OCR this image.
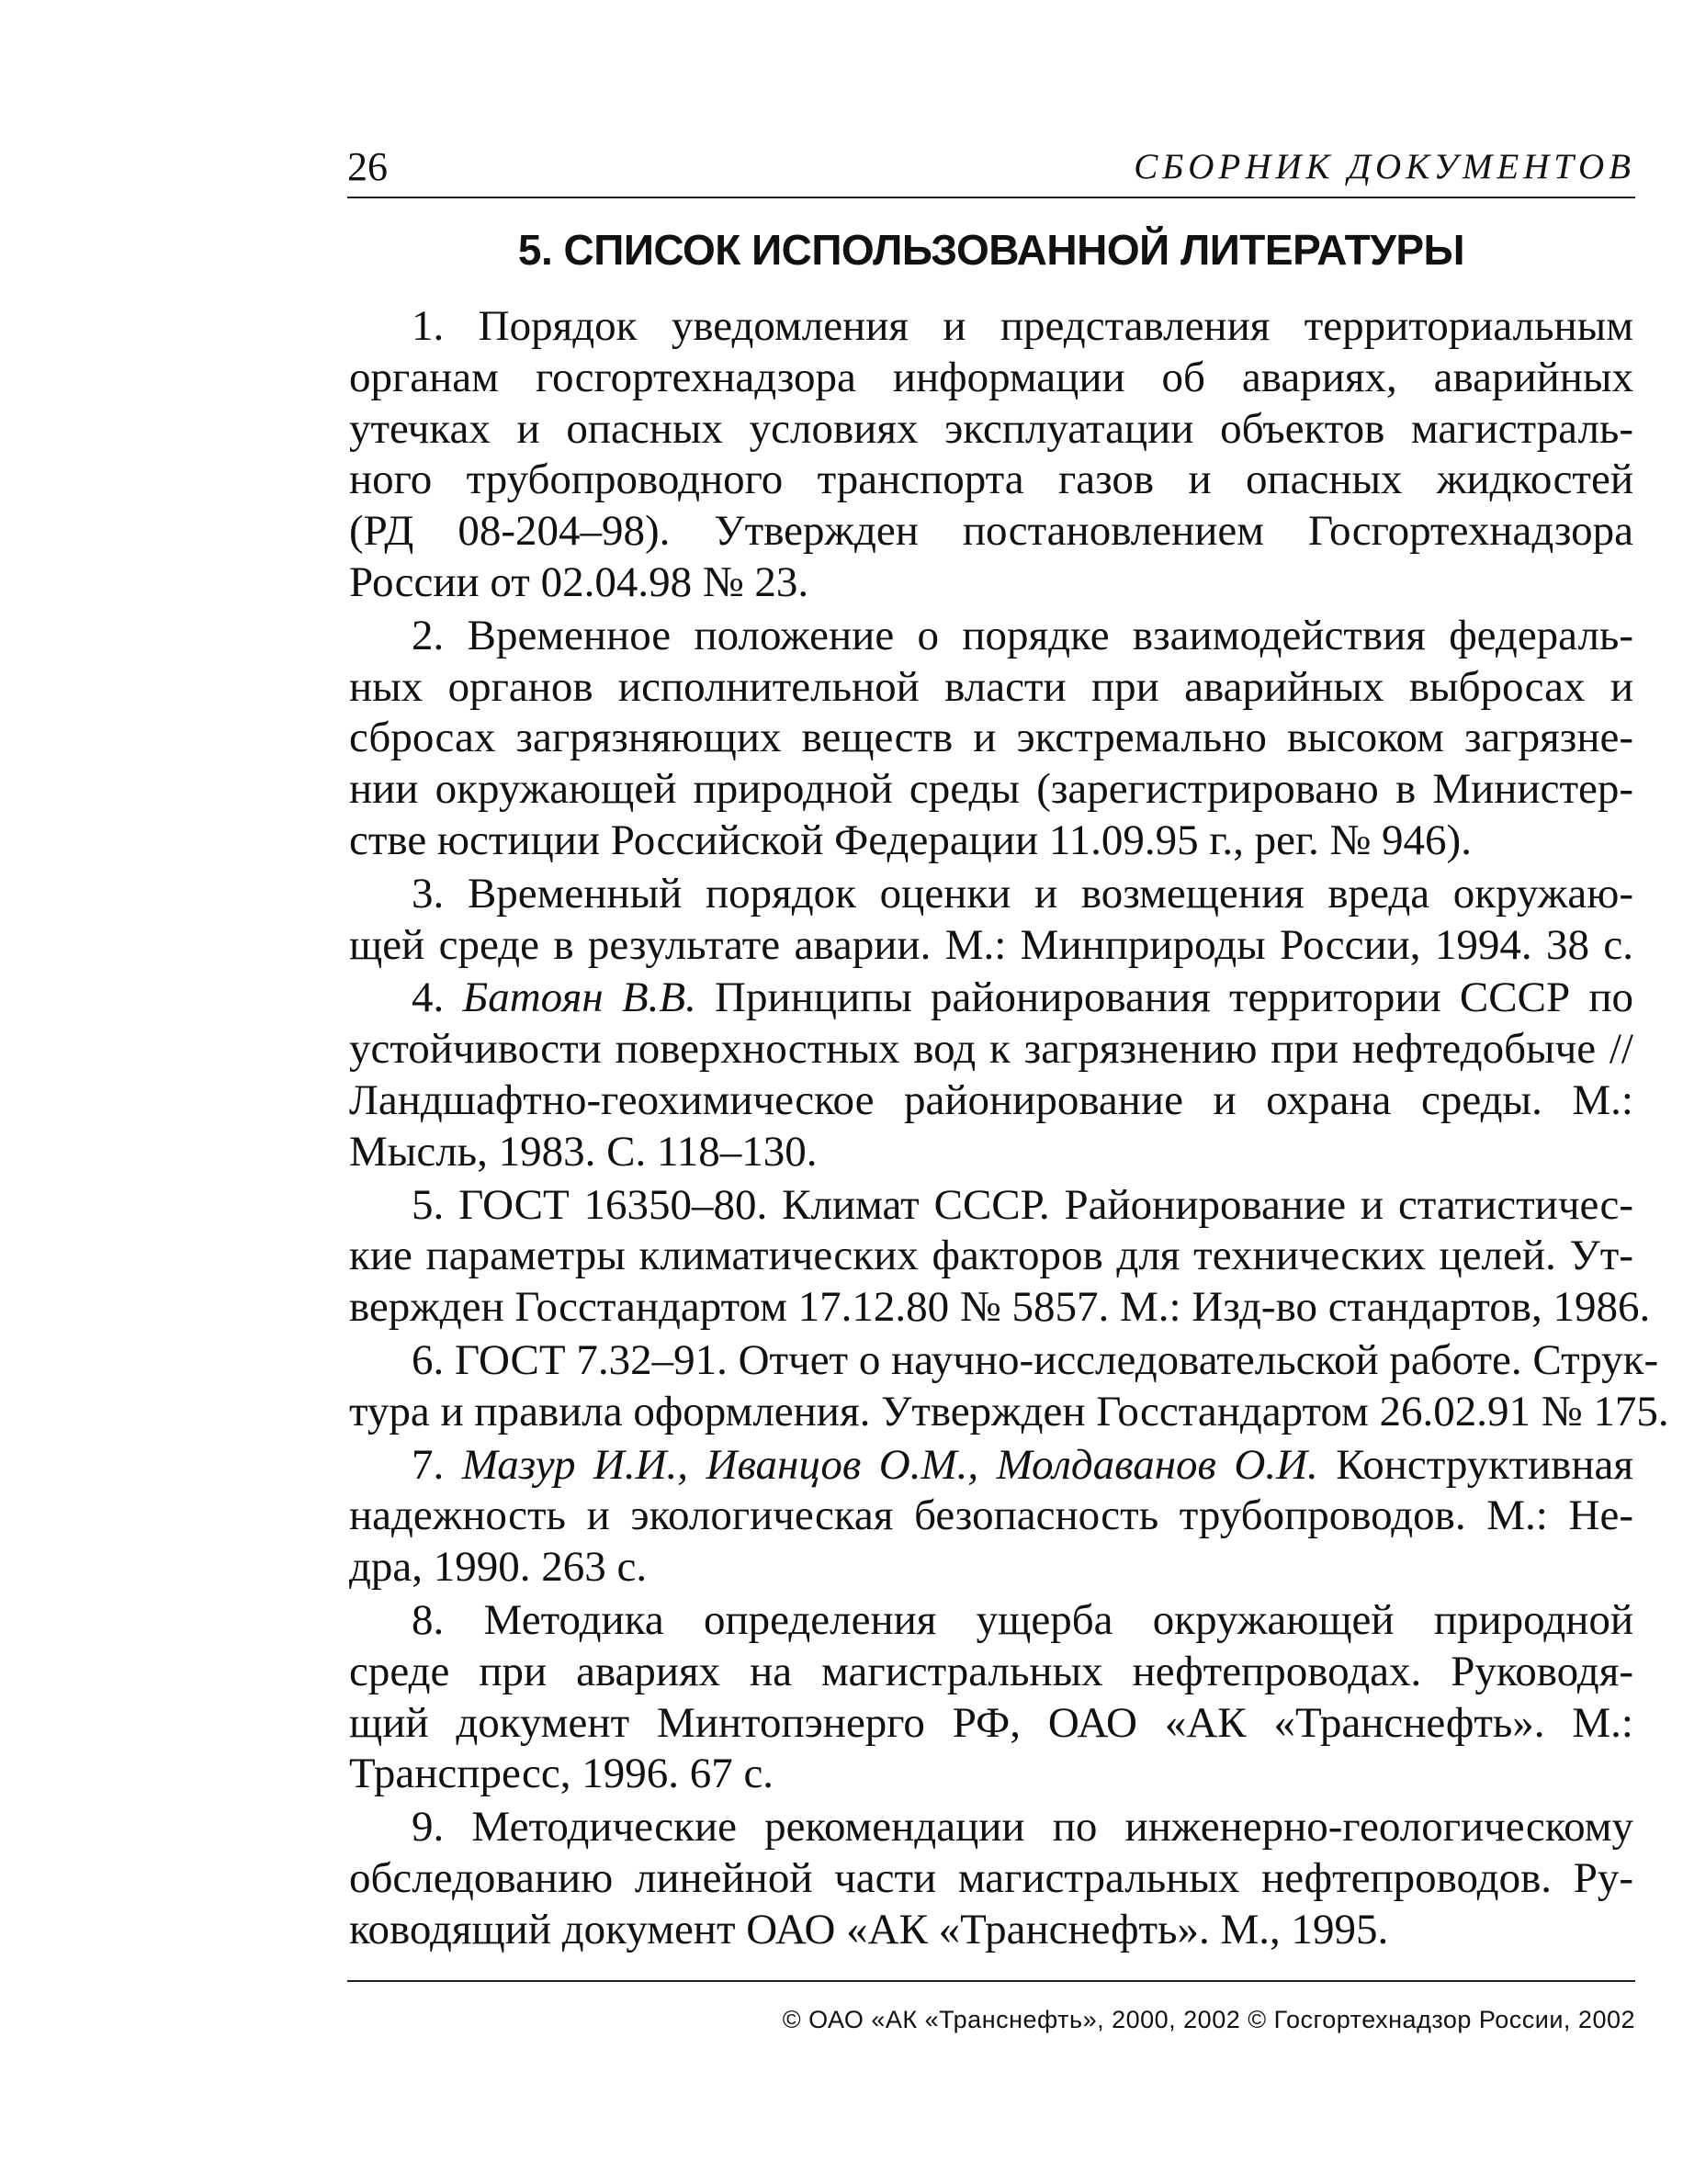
26	СБОРНИК ДОКУМЕНТОВ
5. СПИСОК ИСПОЛЬЗОВАННОЙ ЛИТЕРАТУРЫ
1. Порядок уведомления и представления территориальным
органам госгортехнадзора информации об авариях, аварийных
утечках и опасных условиях эксплуатации объектов магистраль-
ного трубопроводного транспорта газов и опасных жидкостей
(РД 08-204–98). Утвержден постановлением Госгортехнадзора
России от 02.04.98 № 23.
2. Временное положение о порядке взаимодействия федераль-
ных органов исполнительной власти при аварийных выбросах и
сбросах загрязняющих веществ и экстремально высоком загрязне-
нии окружающей природной среды (зарегистрировано в Министер-
стве юстиции Российской Федерации 11.09.95 г., рег. № 946).
3. Временный порядок оценки и возмещения вреда окружаю-
щей среде в результате аварии. М.: Минприроды России, 1994. 38 с.
4. Батоян В.В. Принципы районирования территории СССР по
устойчивости поверхностных вод к загрязнению при нефтедобыче //
Ландшафтно-геохимическое районирование и охрана среды. М.:
Мысль, 1983. С. 118–130.
5. ГОСТ 16350–80. Климат СССР. Районирование и статистичес-
кие параметры климатических факторов для технических целей. Ут-
вержден Госстандартом 17.12.80 № 5857. М.: Изд-во стандартов, 1986.
6. ГОСТ 7.32–91. Отчет о научно-исследовательской работе. Струк-
тура и правила оформления. Утвержден Госстандартом 26.02.91 № 175.
7. Мазур И.И., Иванцов О.М., Молдаванов О.И. Конструктивная
надежность и экологическая безопасность трубопроводов. М.: Не-
дра, 1990. 263 с.
8. Методика определения ущерба окружающей природной
среде при авариях на магистральных нефтепроводах. Руководя-
щий документ Минтопэнерго РФ, ОАО «АК «Транснефть». М.:
Транспресс, 1996. 67 с.
9. Методические рекомендации по инженерно-геологическому
обследованию линейной части магистральных нефтепроводов. Ру-
ководящий документ ОАО «АК «Транснефть». М., 1995.
© ОАО «АК «Транснефть», 2000, 2002 © Госгортехнадзор России, 2002
